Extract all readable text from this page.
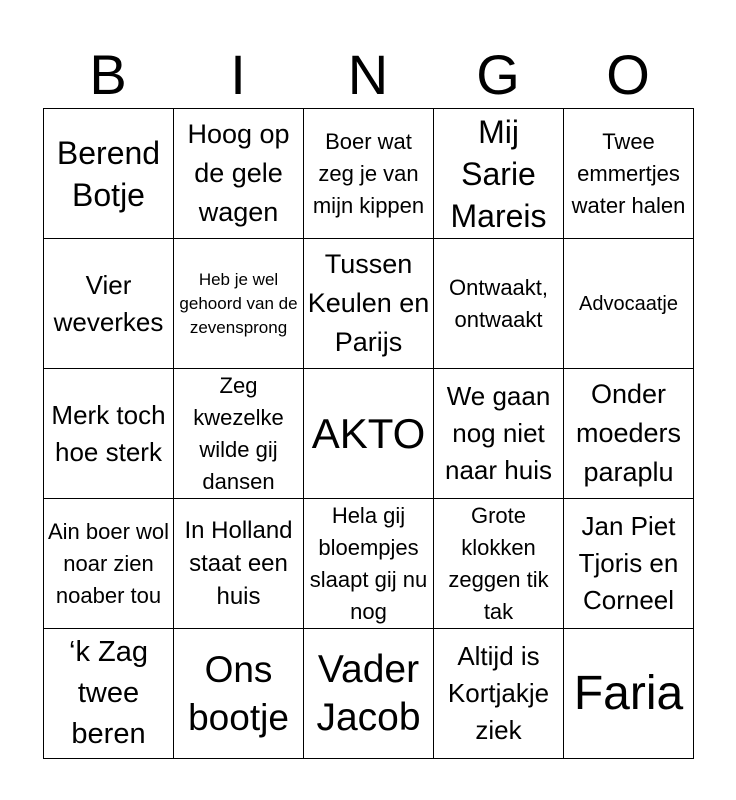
B	I	N	G	O
Berend Botje	Hoog op de gele wagen	Boer wat zeg je van mijn kippen	Mij Sarie Mareis	Twee emmertjes water halen
Vier weverkes	Heb je wel gehoord van de zevensprong	Tussen Keulen en Parijs	Ontwaakt, ontwaakt	Advocaatje
Merk toch hoe sterk	Zeg kwezelke wilde gij dansen	AKTO	We gaan nog niet naar huis	Onder moeders paraplu
Ain boer wol noar zien noaber tou	In Holland staat een huis	Hela gij bloempjes slaapt gij nu nog	Grote klokken zeggen tik tak	Jan Piet Tjoris en Corneel
‘k Zag twee beren	Ons bootje	Vader Jacob	Altijd is Kortjakje ziek	Faria
